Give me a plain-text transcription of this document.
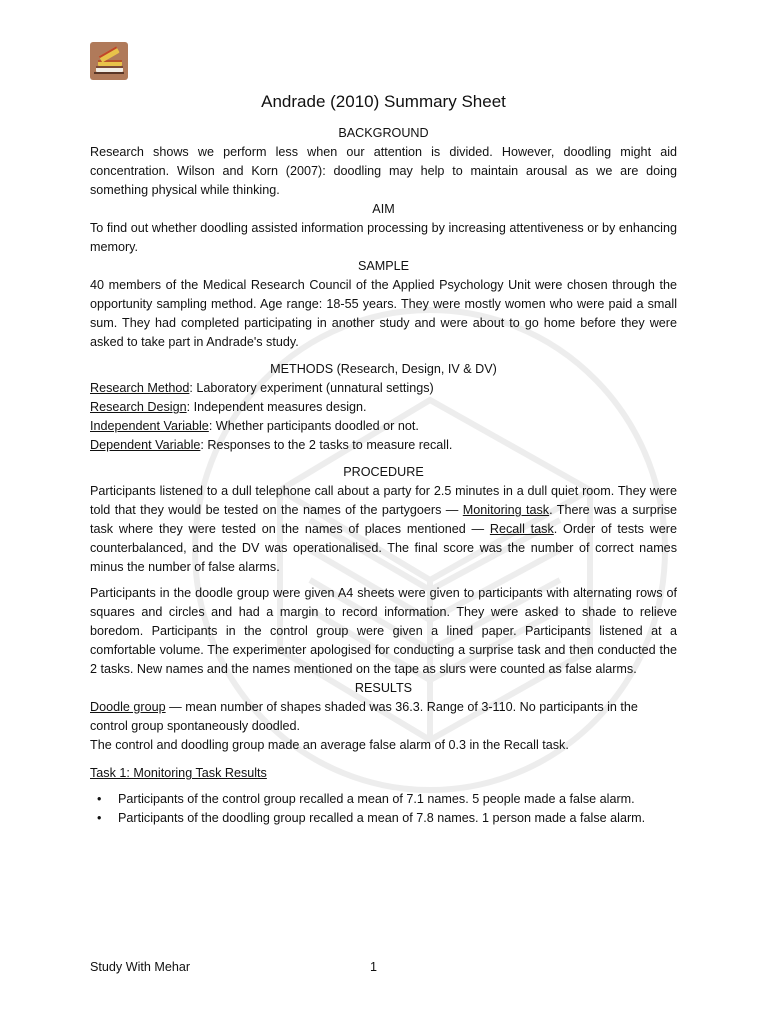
Andrade (2010) Summary Sheet
BACKGROUND

Research shows we perform less when our attention is divided. However, doodling might aid concentration. Wilson and Korn (2007): doodling may help to maintain arousal as we are doing something physical while thinking.

AIM

To find out whether doodling assisted information processing by increasing attentiveness or by enhancing memory.

SAMPLE

40 members of the Medical Research Council of the Applied Psychology Unit were chosen through the opportunity sampling method. Age range: 18-55 years. They were mostly women who were paid a small sum. They had completed participating in another study and were about to go home before they were asked to take part in Andrade's study.

METHODS (Research, Design, IV & DV)
Research Method: Laboratory experiment (unnatural settings)
Research Design: Independent measures design.
Independent Variable: Whether participants doodled or not.
Dependent Variable: Responses to the 2 tasks to measure recall.
PROCEDURE

Participants listened to a dull telephone call about a party for 2.5 minutes in a dull quiet room. They were told that they would be tested on the names of the partygoers — Monitoring task. There was a surprise task where they were tested on the names of places mentioned — Recall task. Order of tests were counterbalanced, and the DV was operationalised. The final score was the number of correct names minus the number of false alarms.

Participants in the doodle group were given A4 sheets were given to participants with alternating rows of squares and circles and had a margin to record information. They were asked to shade to relieve boredom. Participants in the control group were given a lined paper. Participants listened at a comfortable volume. The experimenter apologised for conducting a surprise task and then conducted the 2 tasks. New names and the names mentioned on the tape as slurs were counted as false alarms.

RESULTS

Doodle group — mean number of shapes shaded was 36.3. Range of 3-110. No participants in the control group spontaneously doodled.

The control and doodling group made an average false alarm of 0.3 in the Recall task.

Task 1: Monitoring Task Results
• Participants of the control group recalled a mean of 7.1 names. 5 people made a false alarm.
• Participants of the doodling group recalled a mean of 7.8 names. 1 person made a false alarm.
Study With Mehar	1
